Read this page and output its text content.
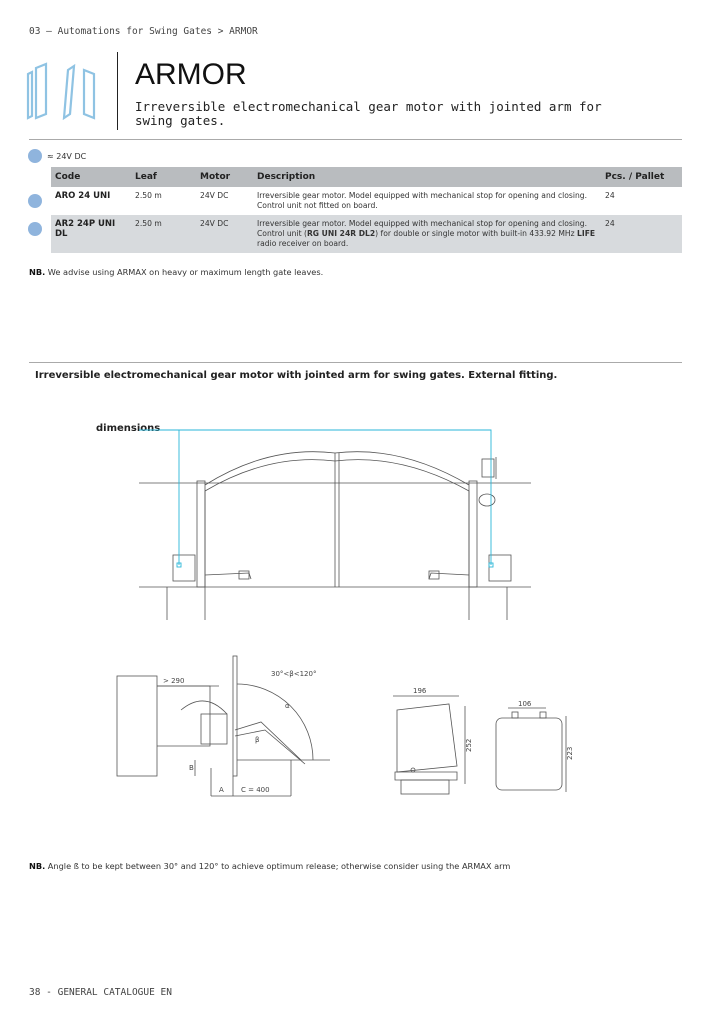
03 — Automations for Swing Gates > ARMOR
ARMOR
Irreversible electromechanical gear motor with jointed arm for swing gates.
≈ 24V DC
Code	Leaf	Motor	Description	Pcs. / Pallet
ARO 24 UNI	2.50 m	24V DC	Irreversible gear motor. Model equipped with mechanical stop for opening and closing.
Control unit not fitted on board.	24
AR2 24P UNI DL	2.50 m	24V DC	Irreversible gear motor. Model equipped with mechanical stop for opening and closing.
Control unit (RG UNI 24R DL2) for double or single motor with built-in 433.92 MHz LIFE
radio receiver on board.	24
NB. We advise using ARMAX on heavy or maximum length gate leaves.
Irreversible electromechanical gear motor with jointed arm for swing gates. External fitting.
dimensions
> 290
30°<β<120°
α
β
A
B
C = 400
196
252
106
223
NB. Angle ß to be kept between 30° and 120° to achieve optimum release; otherwise consider using the ARMAX arm
38 - GENERAL CATALOGUE EN
